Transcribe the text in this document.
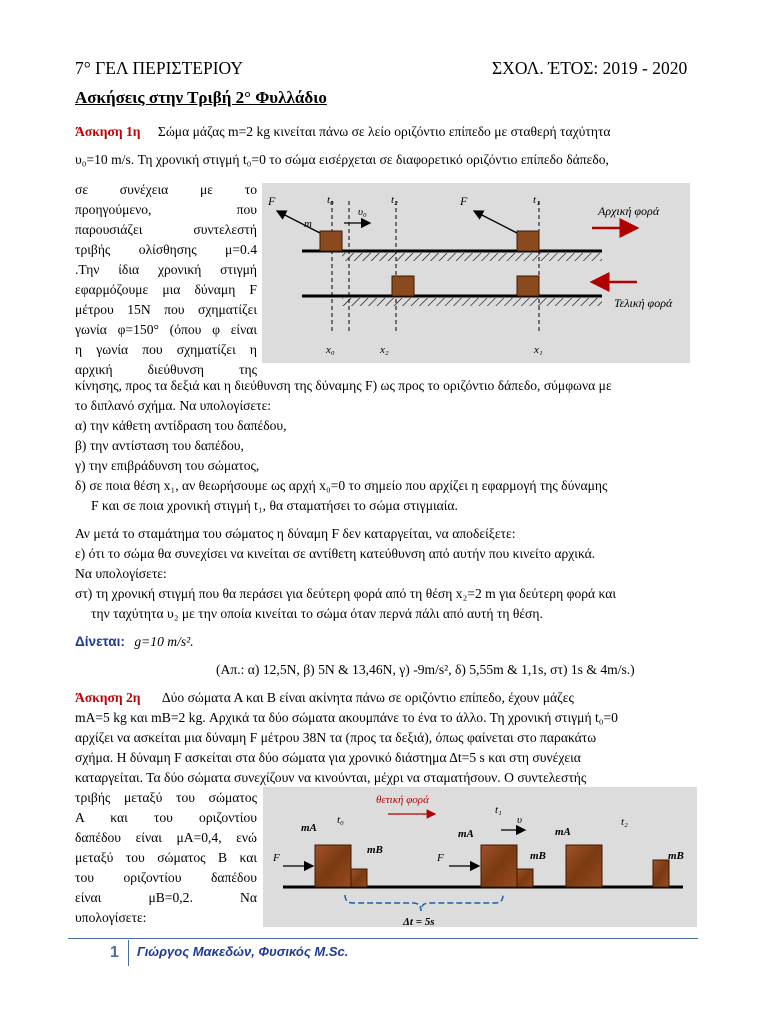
7° ΓΕΛ ΠΕΡΙΣΤΕΡΙΟΥ	ΣΧΟΛ. ΈΤΟΣ: 2019 - 2020
Ασκήσεις στην Τριβή 2° Φυλλάδιο
Άσκηση 1η Σώμα μάζας m=2 kg κινείται πάνω σε λείο οριζόντιο επίπεδο με σταθερή ταχύτητα
υ₀=10 m/s. Τη χρονική στιγμή t₀=0 το σώμα εισέρχεται σε διαφορετικό οριζόντιο επίπεδο δάπεδο,
σε συνέχεια με το
προηγούμενο, που
παρουσιάζει συντελεστή
τριβής ολίσθησης μ=0.4
.Την ίδια χρονική στιγμή
εφαρμόζουμε μια δύναμη F
μέτρου 15N που σχηματίζει
γωνία φ=150° (όπου φ είναι
η γωνία που σχηματίζει η
αρχική διεύθυνση της
F
m
t₀
υ₀
t₂	F	t₁
Αρχική φορά
Τελική φορά
x₀	x₂	x₁
κίνησης, προς τα δεξιά και η διεύθυνση της δύναμης F) ως προς το οριζόντιο δάπεδο, σύμφωνα με
το διπλανό σχήμα. Να υπολογίσετε:
α) την κάθετη αντίδραση του δαπέδου,
β) την αντίσταση του δαπέδου,
γ) την επιβράδυνση του σώματος,
δ) σε ποια θέση x₁, αν θεωρήσουμε ως αρχή x₀=0 το σημείο που αρχίζει η εφαρμογή της δύναμης
F και σε ποια χρονική στιγμή t₁, θα σταματήσει το σώμα στιγμιαία.
Αν μετά το σταμάτημα του σώματος η δύναμη F δεν καταργείται, να αποδείξετε:
ε) ότι το σώμα θα συνεχίσει να κινείται σε αντίθετη κατεύθυνση από αυτήν που κινείτο αρχικά.
Να υπολογίσετε:
στ) τη χρονική στιγμή που θα περάσει για δεύτερη φορά από τη θέση x₂=2 m για δεύτερη φορά και
την ταχύτητα υ₂ με την οποία κινείται το σώμα όταν περνά πάλι από αυτή τη θέση.
Δίνεται: g=10 m/s².
(Απ.: α) 12,5Ν, β) 5N & 13,46N, γ) -9m/s², δ) 5,55m & 1,1s, στ) 1s & 4m/s.)
Άσκηση 2η Δύο σώματα Α και Β είναι ακίνητα πάνω σε οριζόντιο επίπεδο, έχουν μάζες
mA=5 kg και mB=2 kg. Αρχικά τα δύο σώματα ακουμπάνε το ένα το άλλο. Τη χρονική στιγμή t₀=0
αρχίζει να ασκείται μια δύναμη F μέτρου 38N τα (προς τα δεξιά), όπως φαίνεται στο παρακάτω
σχήμα. Η δύναμη F ασκείται στα δύο σώματα για χρονικό διάστημα Δt=5 s και στη συνέχεια
καταργείται. Τα δύο σώματα συνεχίζουν να κινούνται, μέχρι να σταματήσουν. Ο συντελεστής
τριβής μεταξύ του σώματος
Α και του οριζοντίου
δαπέδου είναι μA=0,4, ενώ
μεταξύ του σώματος Β και
του οριζοντίου δαπέδου
είναι μB=0,2. Να
υπολογίσετε:
θετική φορά
mA
t₀
mB
F
t₁
υ
mA
mB
F
mA
t₂
mB
Δt = 5s
1 Γιώργος Μακεδών, Φυσικός M.Sc.
